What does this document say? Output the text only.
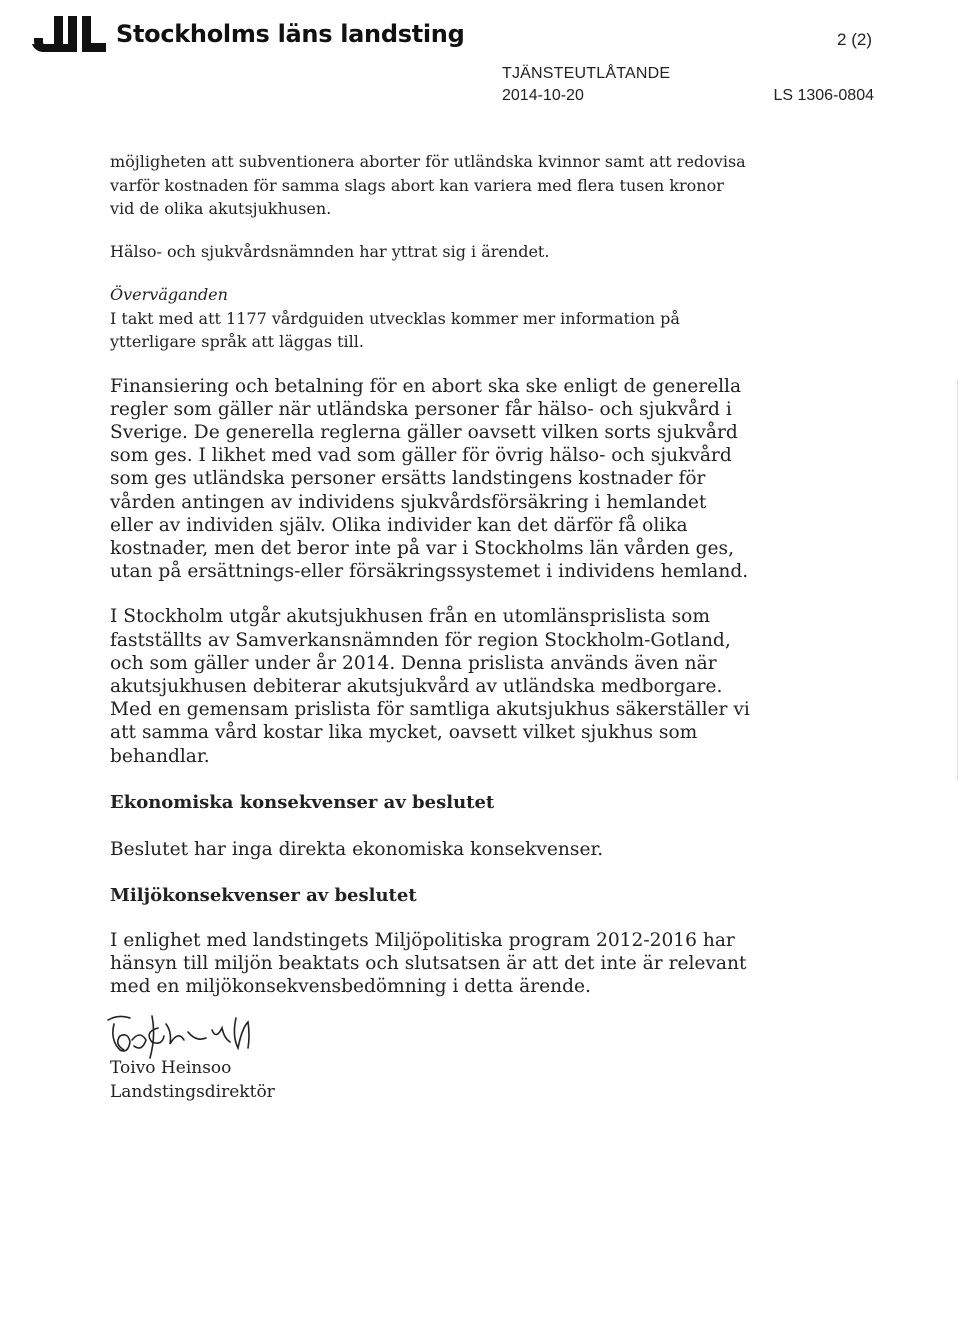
Stockholms läns landsting	2 (2)
TJÄNSTEUTLÅTANDE
2014-10-20	LS 1306-0804

möjligheten att subventionera aborter för utländska kvinnor samt att redovisa varför kostnaden för samma slags abort kan variera med flera tusen kronor vid de olika akutsjukhusen.

Hälso- och sjukvårdsnämnden har yttrat sig i ärendet.

Överväganden

I takt med att 1177 vårdguiden utvecklas kommer mer information på ytterligare språk att läggas till.

Finansiering och betalning för en abort ska ske enligt de generella regler som gäller när utländska personer får hälso- och sjukvård i Sverige. De generella reglerna gäller oavsett vilken sorts sjukvård som ges. I likhet med vad som gäller för övrig hälso- och sjukvård som ges utländska personer ersätts landstingens kostnader för vården antingen av individens sjukvårdsförsäkring i hemlandet eller av individen själv. Olika individer kan det därför få olika kostnader, men det beror inte på var i Stockholms län vården ges, utan på ersättnings-eller försäkringssystemet i individens hemland.

I Stockholm utgår akutsjukhusen från en utomlänsprislista som fastställts av Samverkansnämnden för region Stockholm-Gotland, och som gäller under år 2014. Denna prislista används även när akutsjukhusen debiterar akutsjukvård av utländska medborgare. Med en gemensam prislista för samtliga akutsjukhus säkerställer vi att samma vård kostar lika mycket, oavsett vilket sjukhus som behandlar.

Ekonomiska konsekvenser av beslutet

Beslutet har inga direkta ekonomiska konsekvenser.

Miljökonsekvenser av beslutet

I enlighet med landstingets Miljöpolitiska program 2012-2016 har hänsyn till miljön beaktats och slutsatsen är att det inte är relevant med en miljökonsekvensbedömning i detta ärende.

Toivo Heinsoo
Landstingsdirektör
